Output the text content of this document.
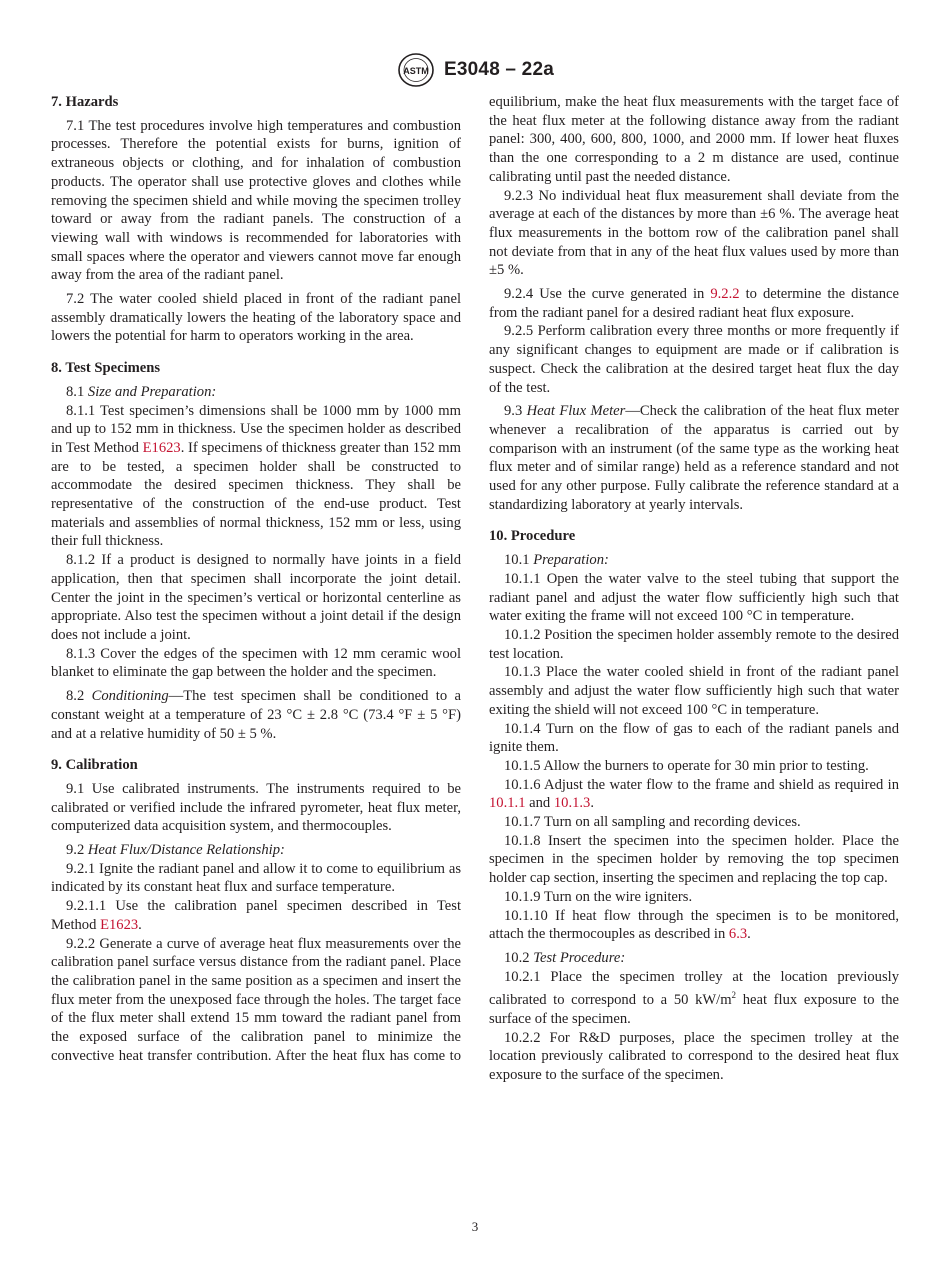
ASTM E3048 – 22a
7. Hazards

7.1 The test procedures involve high temperatures and combustion processes. Therefore the potential exists for burns, ignition of extraneous objects or clothing, and for inhalation of combustion products. The operator shall use protective gloves and clothes while removing the specimen shield and while moving the specimen trolley toward or away from the radiant panels. The construction of a viewing wall with windows is recommended for laboratories with small spaces where the operator and viewers cannot move far enough away from the area of the radiant panel.

7.2 The water cooled shield placed in front of the radiant panel assembly dramatically lowers the heating of the laboratory space and lowers the potential for harm to operators working in the area.

8. Test Specimens

8.1 Size and Preparation:

8.1.1 Test specimen’s dimensions shall be 1000 mm by 1000 mm and up to 152 mm in thickness. Use the specimen holder as described in Test Method E1623. If specimens of thickness greater than 152 mm are to be tested, a specimen holder shall be constructed to accommodate the desired specimen thickness. They shall be representative of the construction of the end-use product. Test materials and assemblies of normal thickness, 152 mm or less, using their full thickness.

8.1.2 If a product is designed to normally have joints in a field application, then that specimen shall incorporate the joint detail. Center the joint in the specimen’s vertical or horizontal centerline as appropriate. Also test the specimen without a joint detail if the design does not include a joint.

8.1.3 Cover the edges of the specimen with 12 mm ceramic wool blanket to eliminate the gap between the holder and the specimen.

8.2 Conditioning—The test specimen shall be conditioned to a constant weight at a temperature of 23 °C ± 2.8 °C (73.4 °F ± 5 °F) and at a relative humidity of 50 ± 5 %.

9. Calibration

9.1 Use calibrated instruments. The instruments required to be calibrated or verified include the infrared pyrometer, heat flux meter, computerized data acquisition system, and thermocouples.

9.2 Heat Flux/Distance Relationship:

9.2.1 Ignite the radiant panel and allow it to come to equilibrium as indicated by its constant heat flux and surface temperature.

9.2.1.1 Use the calibration panel specimen described in Test Method E1623.

9.2.2 Generate a curve of average heat flux measurements over the calibration panel surface versus distance from the radiant panel. Place the calibration panel in the same position as a specimen and insert the flux meter from the unexposed face through the holes. The target face of the flux meter shall extend 15 mm toward the radiant panel from the exposed surface of the calibration panel to minimize the convective heat transfer contribution. After the heat flux has come to

equilibrium, make the heat flux measurements with the target face of the heat flux meter at the following distance away from the radiant panel: 300, 400, 600, 800, 1000, and 2000 mm. If lower heat fluxes than the one corresponding to a 2 m distance are used, continue calibrating until past the needed distance.

9.2.3 No individual heat flux measurement shall deviate from the average at each of the distances by more than ±6 %. The average heat flux measurements in the bottom row of the calibration panel shall not deviate from that in any of the heat flux values used by more than ±5 %.

9.2.4 Use the curve generated in 9.2.2 to determine the distance from the radiant panel for a desired radiant heat flux exposure.

9.2.5 Perform calibration every three months or more frequently if any significant changes to equipment are made or if calibration is suspect. Check the calibration at the desired target heat flux the day of the test.

9.3 Heat Flux Meter—Check the calibration of the heat flux meter whenever a recalibration of the apparatus is carried out by comparison with an instrument (of the same type as the working heat flux meter and of similar range) held as a reference standard and not used for any other purpose. Fully calibrate the reference standard at a standardizing laboratory at yearly intervals.

10. Procedure

10.1 Preparation:

10.1.1 Open the water valve to the steel tubing that support the radiant panel and adjust the water flow sufficiently high such that water exiting the frame will not exceed 100 °C in temperature.

10.1.2 Position the specimen holder assembly remote to the desired test location.

10.1.3 Place the water cooled shield in front of the radiant panel assembly and adjust the water flow sufficiently high such that water exiting the shield will not exceed 100 °C in temperature.

10.1.4 Turn on the flow of gas to each of the radiant panels and ignite them.

10.1.5 Allow the burners to operate for 30 min prior to testing.

10.1.6 Adjust the water flow to the frame and shield as required in 10.1.1 and 10.1.3.

10.1.7 Turn on all sampling and recording devices.

10.1.8 Insert the specimen into the specimen holder. Place the specimen in the specimen holder by removing the top specimen holder cap section, inserting the specimen and replacing the top cap.

10.1.9 Turn on the wire igniters.

10.1.10 If heat flow through the specimen is to be monitored, attach the thermocouples as described in 6.3.

10.2 Test Procedure:

10.2.1 Place the specimen trolley at the location previously calibrated to correspond to a 50 $kW/m^2$ heat flux exposure to the surface of the specimen.

10.2.2 For R&D purposes, place the specimen trolley at the location previously calibrated to correspond to the desired heat flux exposure to the surface of the specimen.

3
